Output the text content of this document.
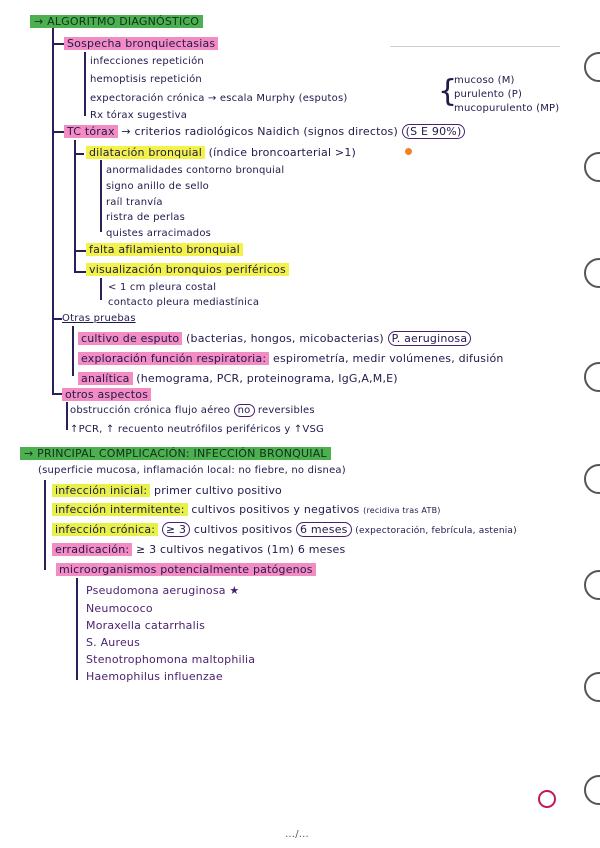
→ ALGORITMO DIAGNÓSTICO
Sospecha bronquiectasias
infecciones repetición
hemoptisis repetición
expectoración crónica → escala Murphy (esputos)
Rx tórax sugestiva
{
mucoso (M)
purulento (P)
mucopurulento (MP)
TC tórax → criterios radiológicos Naidich (signos directos) (S E 90%)
dilatación bronquial (índice broncoarterial >1)
anormalidades contorno bronquial
signo anillo de sello
raíl tranvía
ristra de perlas
quistes arracimados
falta afilamiento bronquial
visualización bronquios periféricos
< 1 cm pleura costal
contacto pleura mediastínica
Otras pruebas
cultivo de esputo (bacterias, hongos, micobacterias) P. aeruginosa
exploración función respiratoria: espirometría, medir volúmenes, difusión
analítica (hemograma, PCR, proteinograma, IgG,A,M,E)
otros aspectos
obstrucción crónica flujo aéreo no reversibles
↑PCR, ↑ recuento neutrófilos periféricos y ↑VSG
→ PRINCIPAL COMPLICACIÓN: INFECCIÓN BRONQUIAL
(superficie mucosa, inflamación local: no fiebre, no disnea)
infección inicial: primer cultivo positivo
infección intermitente: cultivos positivos y negativos (recidiva tras ATB)
infección crónica: ≥ 3 cultivos positivos 6 meses (expectoración, febrícula, astenia)
erradicación: ≥ 3 cultivos negativos (1m) 6 meses
microorganismos potencialmente patógenos
Pseudomona aeruginosa ★
Neumococo
Moraxella catarrhalis
S. Aureus
Stenotrophomona maltophilia
Haemophilus influenzae
…/…
